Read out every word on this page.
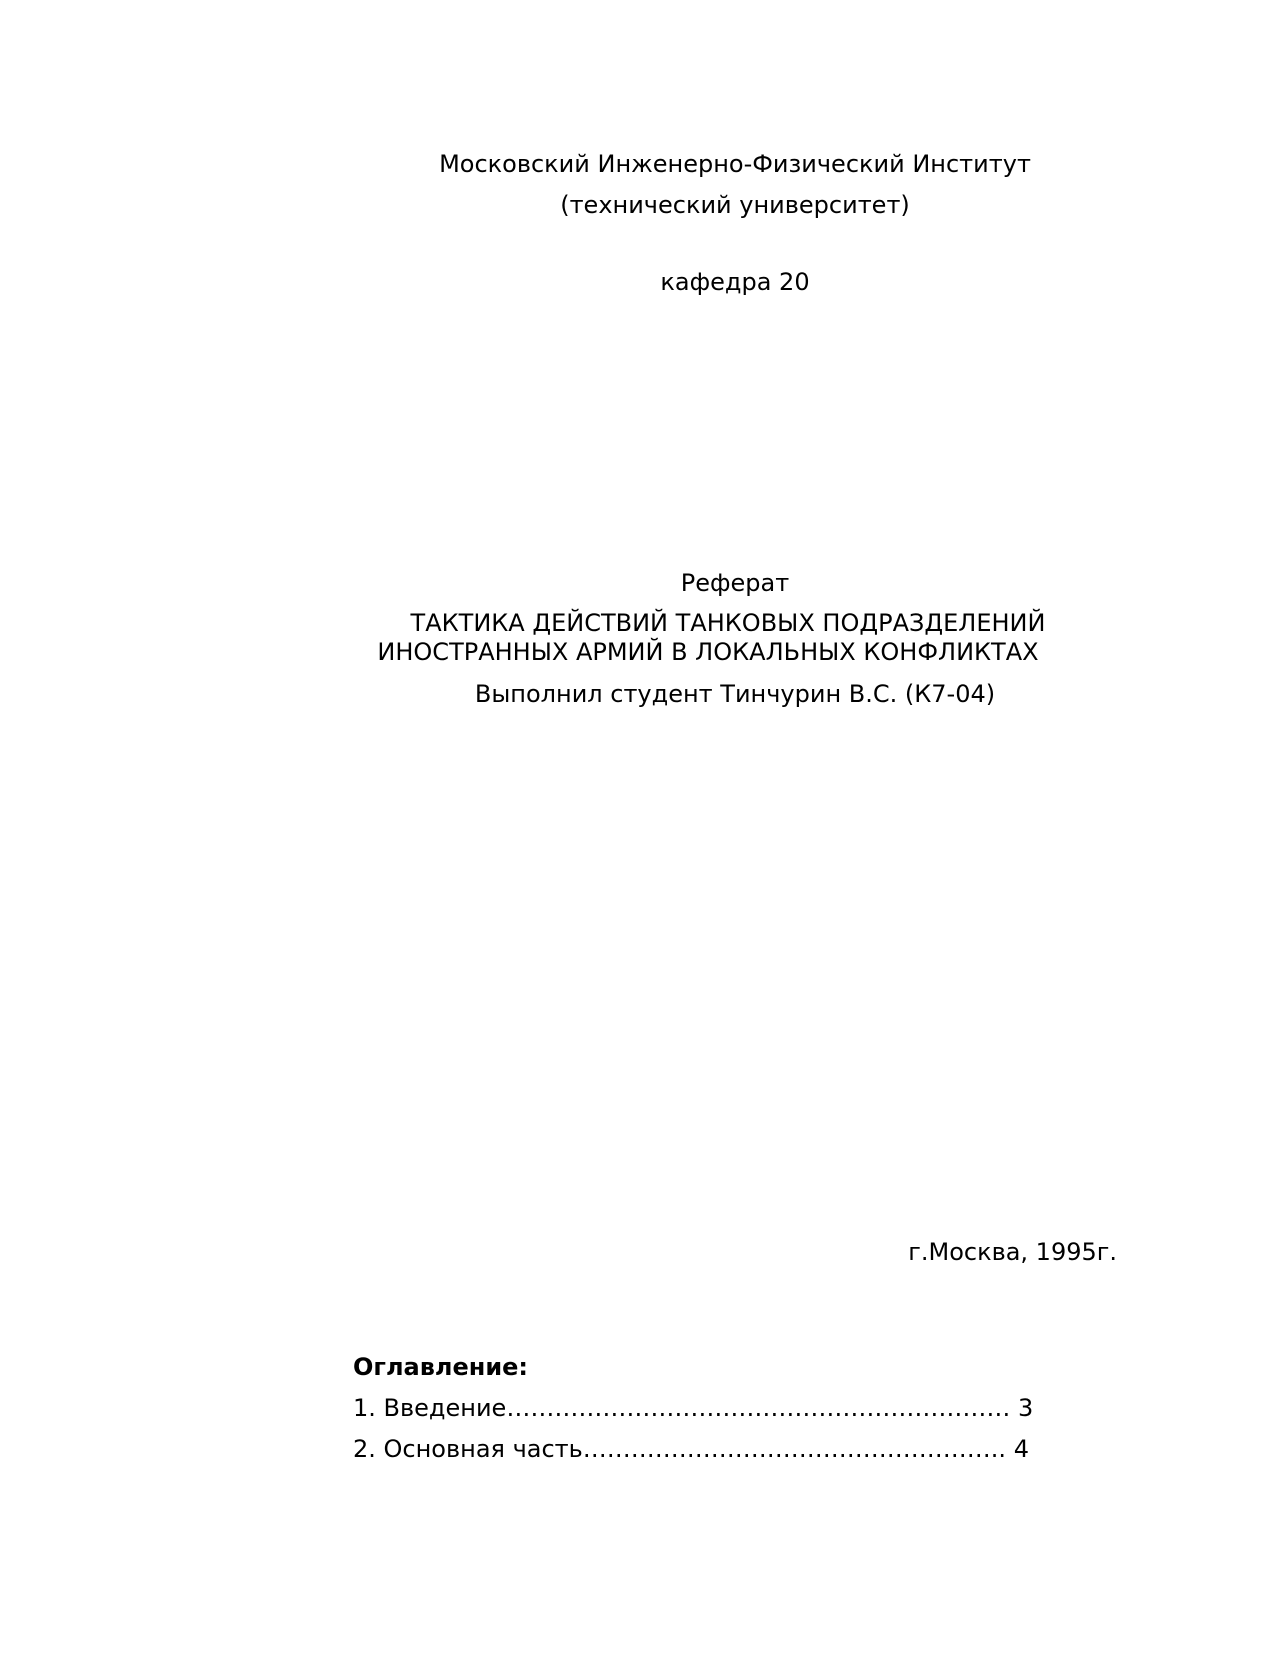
Московский Инженерно-Физический Институт
(технический университет)
кафедра 20
Реферат
ТАКТИКА ДЕЙСТВИЙ ТАНКОВЫХ ПОДРАЗДЕЛЕНИЙ
ИНОСТРАННЫХ АРМИЙ В ЛОКАЛЬНЫХ КОНФЛИКТАХ
Выполнил студент Тинчурин В.С. (К7-04)
г.Москва, 1995г.
Оглавление:
1. Введение……………………………………………………… 3
2. Основная часть…………………………………………….. 4
